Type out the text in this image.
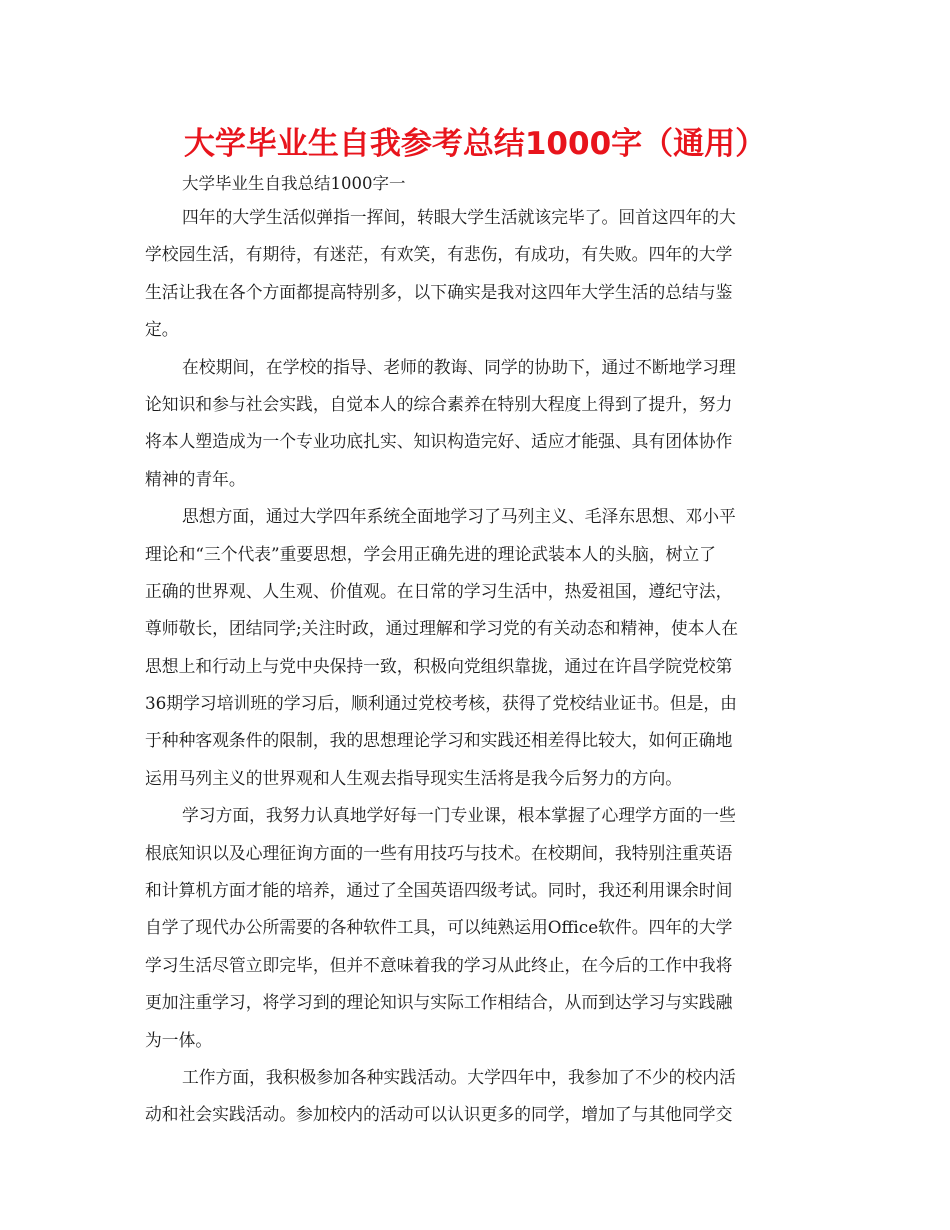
大学毕业生自我参考总结1000字（通用）
大学毕业生自我总结1000字一

四年的大学生活似弹指一挥间，转眼大学生活就该完毕了。回首这四年的大
学校园生活，有期待，有迷茫，有欢笑，有悲伤，有成功，有失败。四年的大学
生活让我在各个方面都提高特别多，以下确实是我对这四年大学生活的总结与鉴
定。

在校期间，在学校的指导、老师的教诲、同学的协助下，通过不断地学习理
论知识和参与社会实践，自觉本人的综合素养在特别大程度上得到了提升，努力
将本人塑造成为一个专业功底扎实、知识构造完好、适应才能强、具有团体协作
精神的青年。

思想方面，通过大学四年系统全面地学习了马列主义、毛泽东思想、邓小平
理论和“三个代表”重要思想，学会用正确先进的理论武装本人的头脑，树立了
正确的世界观、人生观、价值观。在日常的学习生活中，热爱祖国，遵纪守法，
尊师敬长，团结同学;关注时政，通过理解和学习党的有关动态和精神，使本人在
思想上和行动上与党中央保持一致，积极向党组织靠拢，通过在许昌学院党校第
36期学习培训班的学习后，顺利通过党校考核，获得了党校结业证书。但是，由
于种种客观条件的限制，我的思想理论学习和实践还相差得比较大，如何正确地
运用马列主义的世界观和人生观去指导现实生活将是我今后努力的方向。

学习方面，我努力认真地学好每一门专业课，根本掌握了心理学方面的一些
根底知识以及心理征询方面的一些有用技巧与技术。在校期间，我特别注重英语
和计算机方面才能的培养，通过了全国英语四级考试。同时，我还利用课余时间
自学了现代办公所需要的各种软件工具，可以纯熟运用Office软件。四年的大学
学习生活尽管立即完毕，但并不意味着我的学习从此终止，在今后的工作中我将
更加注重学习，将学习到的理论知识与实际工作相结合，从而到达学习与实践融
为一体。

工作方面，我积极参加各种实践活动。大学四年中，我参加了不少的校内活
动和社会实践活动。参加校内的活动可以认识更多的同学，增加了与其他同学交
